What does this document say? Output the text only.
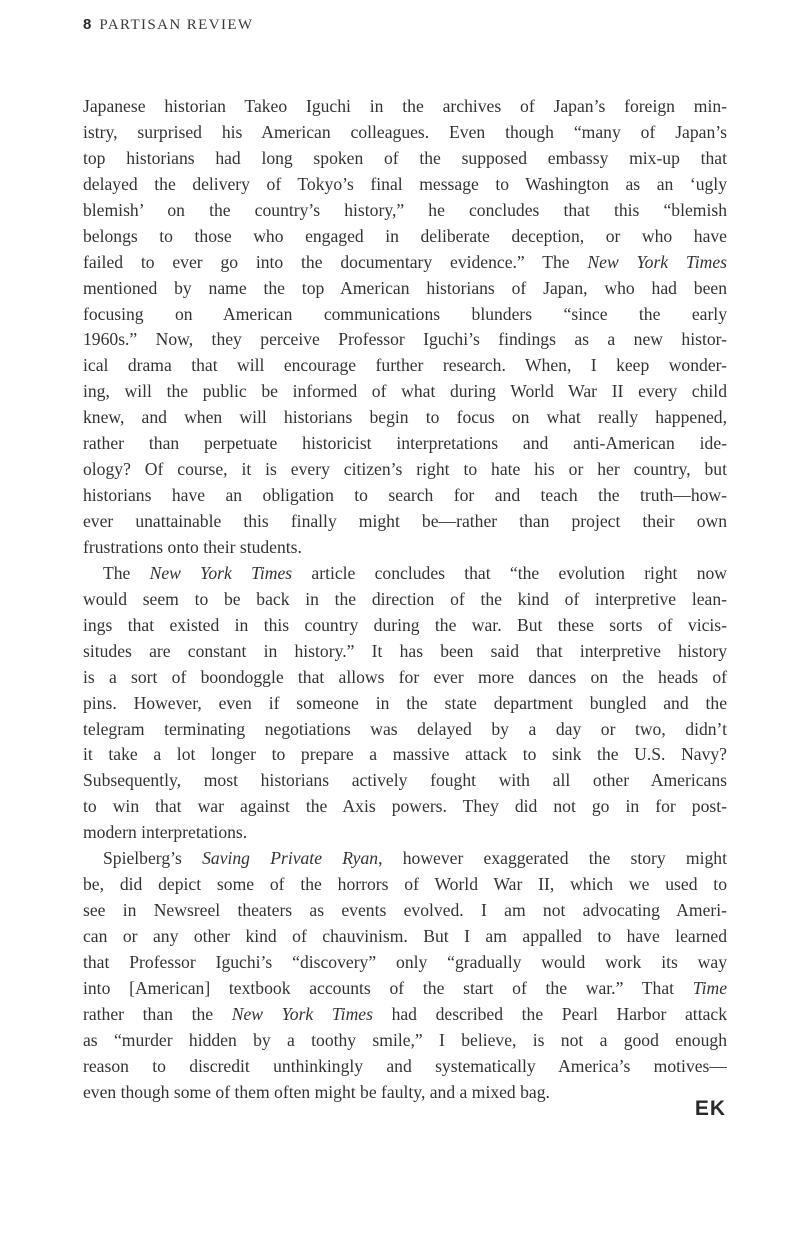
8 PARTISAN REVIEW
Japanese historian Takeo Iguchi in the archives of Japan’s foreign min-
istry, surprised his American colleagues. Even though “many of Japan’s
top historians had long spoken of the supposed embassy mix-up that
delayed the delivery of Tokyo’s final message to Washington as an ‘ugly
blemish’ on the country’s history,” he concludes that this “blemish
belongs to those who engaged in deliberate deception, or who have
failed to ever go into the documentary evidence.” The New York Times
mentioned by name the top American historians of Japan, who had been
focusing on American communications blunders “since the early
1960s.” Now, they perceive Professor Iguchi’s findings as a new histor-
ical drama that will encourage further research. When, I keep wonder-
ing, will the public be informed of what during World War II every child
knew, and when will historians begin to focus on what really happened,
rather than perpetuate historicist interpretations and anti-American ide-
ology? Of course, it is every citizen’s right to hate his or her country, but
historians have an obligation to search for and teach the truth—how-
ever unattainable this finally might be—rather than project their own
frustrations onto their students.
The New York Times article concludes that “the evolution right now
would seem to be back in the direction of the kind of interpretive lean-
ings that existed in this country during the war. But these sorts of vicis-
situdes are constant in history.” It has been said that interpretive history
is a sort of boondoggle that allows for ever more dances on the heads of
pins. However, even if someone in the state department bungled and the
telegram terminating negotiations was delayed by a day or two, didn’t
it take a lot longer to prepare a massive attack to sink the U.S. Navy?
Subsequently, most historians actively fought with all other Americans
to win that war against the Axis powers. They did not go in for post-
modern interpretations.
Spielberg’s Saving Private Ryan, however exaggerated the story might
be, did depict some of the horrors of World War II, which we used to
see in Newsreel theaters as events evolved. I am not advocating Ameri-
can or any other kind of chauvinism. But I am appalled to have learned
that Professor Iguchi’s “discovery” only “gradually would work its way
into [American] textbook accounts of the start of the war.” That Time
rather than the New York Times had described the Pearl Harbor attack
as “murder hidden by a toothy smile,” I believe, is not a good enough
reason to discredit unthinkingly and systematically America’s motives—
even though some of them often might be faulty, and a mixed bag.
EK
